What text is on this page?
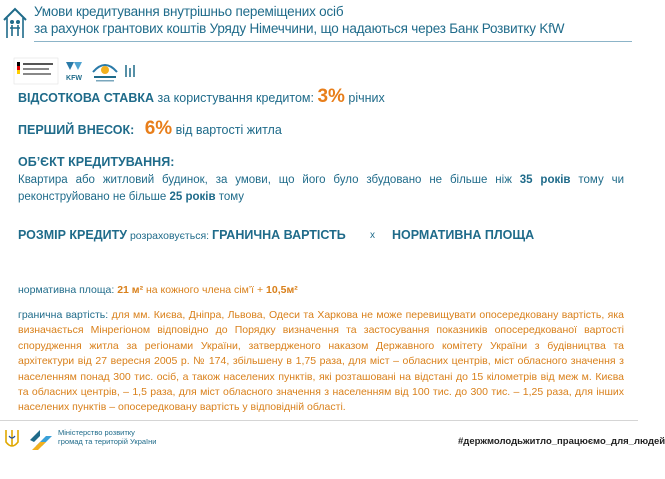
Умови кредитування внутрішньо переміщених осіб
за рахунок грантових коштів Уряду Німеччини, що надаються через Банк Розвитку KfW
KFW
ВІДСОТКОВА СТАВКА за користування кредитом: 3% річних
ПЕРШИЙ ВНЕСОК: 6% від вартості житла
ОБ’ЄКТ КРЕДИТУВАННЯ:
Квартира або житловий будинок, за умови, що його було збудовано не більше ніж 35 років тому чи реконструйовано не більше 25 років тому
РОЗМІР КРЕДИТУ розраховується: ГРАНИЧНА ВАРТІСТЬ х НОРМАТИВНА ПЛОЩА
нормативна площа: 21 м² на кожного члена сім’ї + 10,5м²
гранична вартість: для мм. Києва, Дніпра, Львова, Одеси та Харкова не може перевищувати опосередковану вартість, яка визначається Мінрегіоном відповідно до Порядку визначення та застосування показників опосередкованої вартості спорудження житла за регіонами України, затвердженого наказом Державного комітету України з будівництва та архітектури від 27 вересня 2005 р. № 174, збільшену в 1,75 раза, для міст – обласних центрів, міст обласного значення з населенням понад 300 тис. осіб, а також населених пунктів, які розташовані на відстані до 15 кілометрів від меж м. Києва та обласних центрів, – 1,5 раза, для міст обласного значення з населенням від 100 тис. до 300 тис. – 1,25 раза, для інших населених пунктів – опосередковану вартість у відповідній області.
Міністерство розвитку
громад та територій України	#держмолодьжитло_працюємо_для_людей
